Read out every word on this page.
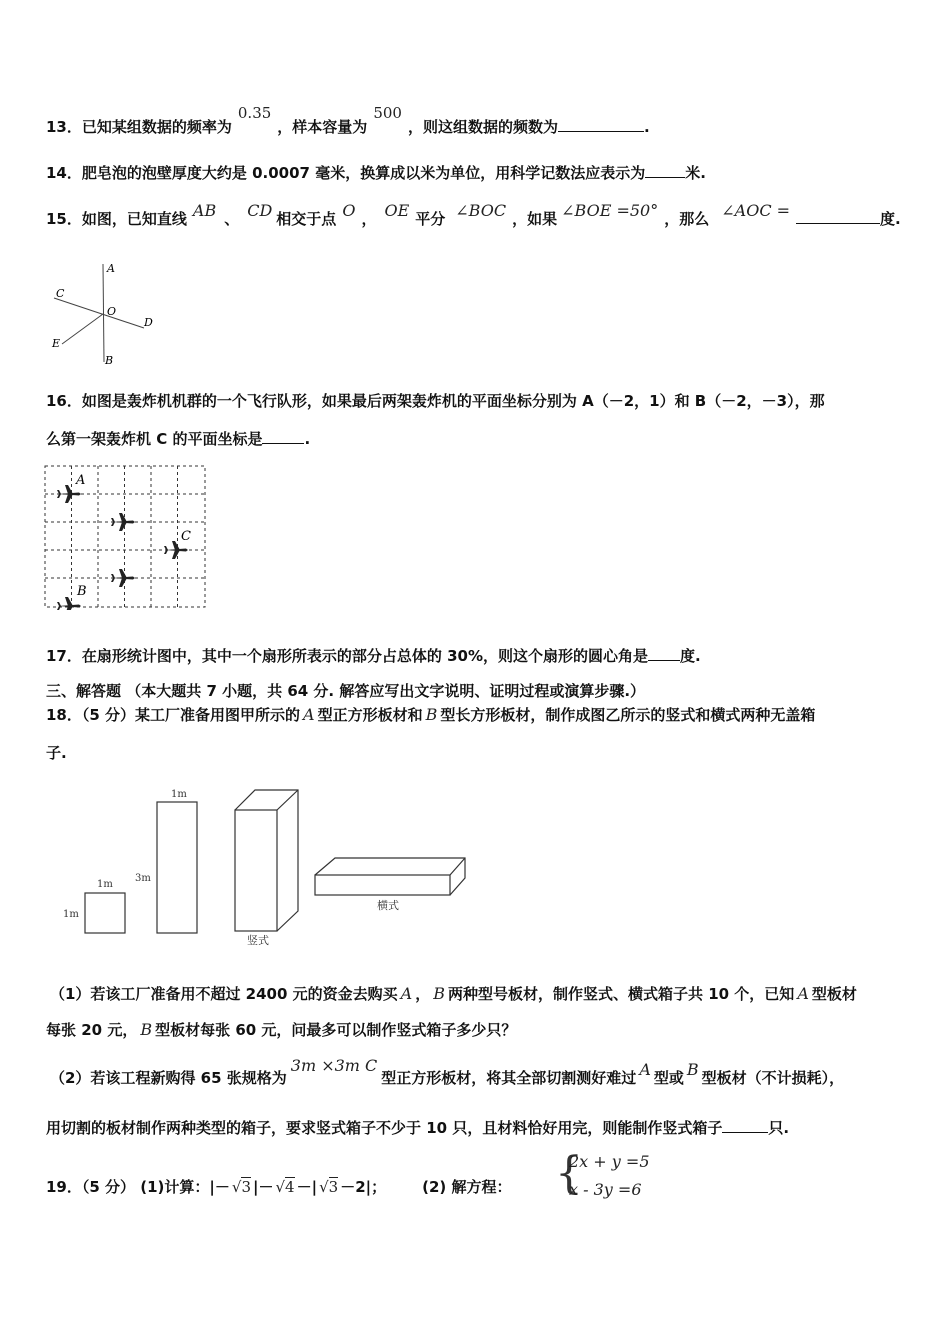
13．已知某组数据的频率为0.35，样本容量为500，则这组数据的频数为	.
14．肥皂泡的泡壁厚度大约是 0.0007 毫米，换算成以米为单位，用科学记数法应表示为	米.
15．如图，已知直线 AB 、 CD 相交于点 O ， OE 平分 ∠BOC ，如果 ∠BOE =50° ，那么 ∠AOC =	度.
A
B
C
D
E
O
16．如图是轰炸机机群的一个飞行队形，如果最后两架轰炸机的平面坐标分别为 A（－2，1）和 B（－2，－3），那
么第一架轰炸机 C 的平面坐标是	.
A
C
B
17．在扇形统计图中，其中一个扇形所表示的部分占总体的 30%，则这个扇形的圆心角是 度.
三、解答题 （本大题共 7 小题，共 64 分. 解答应写出文字说明、证明过程或演算步骤.）
18．（5 分）某工厂准备用图甲所示的 A 型正方形板材和 B 型长方形板材，制作成图乙所示的竖式和横式两种无盖箱
子.
1m
1m
1m
3m
竖式
横式
（1）若该工厂准备用不超过 2400 元的资金去购买 A ， B 两种型号板材，制作竖式、横式箱子共 10 个，已知 A 型板材
每张 20 元， B 型板材每张 60 元，问最多可以制作竖式箱子多少只？
（2）若该工程新购得 65 张规格为3m ×3m C型正方形板材，将其全部切割测好难过 A 型或 B 型板材（不计损耗），
用切割的板材制作两种类型的箱子，要求竖式箱子不少于 10 只，且材料恰好用完，则能制作竖式箱子	只.
19．（5 分） (1)计算：|－ √3 |－ √4 －| √3 －2|； (2) 解方程： {
2x + y =5
x - 3y =6
